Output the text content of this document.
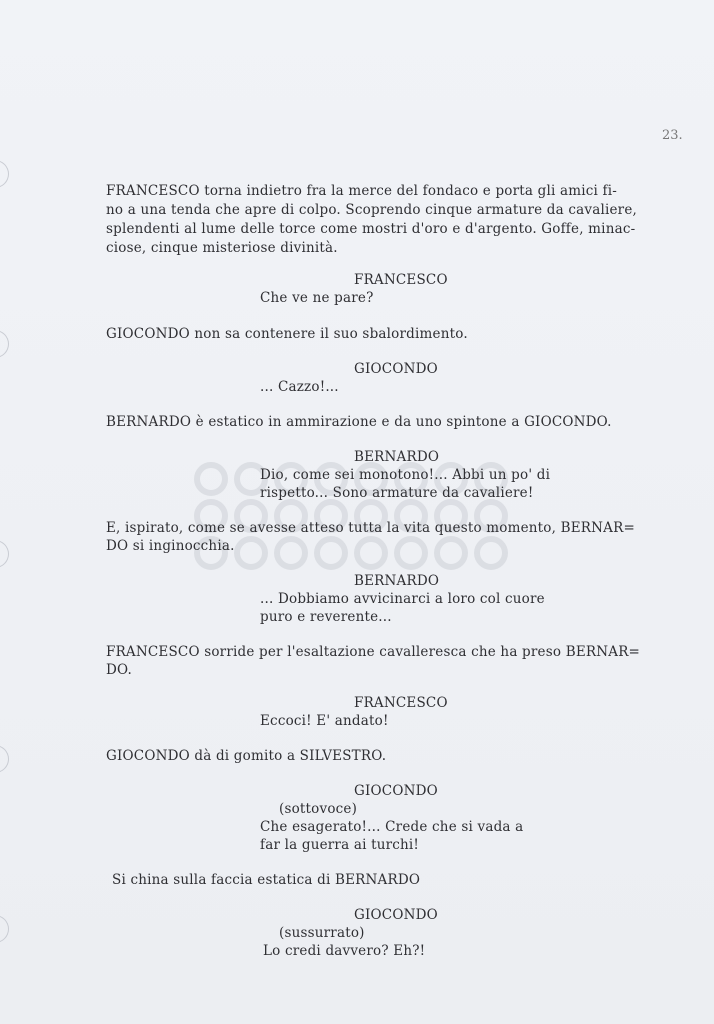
23.
FRANCESCO torna indietro fra la merce del fondaco e porta gli amici fi-
no a una tenda che apre di colpo. Scoprendo cinque armature da cavaliere,
splendenti al lume delle torce come mostri d'oro e d'argento. Goffe, minac-
ciose, cinque misteriose divinità.
FRANCESCO
Che ve ne pare?
GIOCONDO non sa contenere il suo sbalordimento.
GIOCONDO
... Cazzo!...
BERNARDO è estatico in ammirazione e da uno spintone a GIOCONDO.
BERNARDO
Dio, come sei monotono!... Abbi un po' di
rispetto... Sono armature da cavaliere!
E, ispirato, come se avesse atteso tutta la vita questo momento, BERNAR=
DO si inginocchia.
BERNARDO
... Dobbiamo avvicinarci a loro col cuore
puro e reverente...
FRANCESCO sorride per l'esaltazione cavalleresca che ha preso BERNAR=
DO.
FRANCESCO
Eccoci! E' andato!
GIOCONDO dà di gomito a SILVESTRO.
GIOCONDO
(sottovoce)
Che esagerato!... Crede che si vada a
far la guerra ai turchi!
Si china sulla faccia estatica di BERNARDO
GIOCONDO
(sussurrato)
Lo credi davvero? Eh?!
